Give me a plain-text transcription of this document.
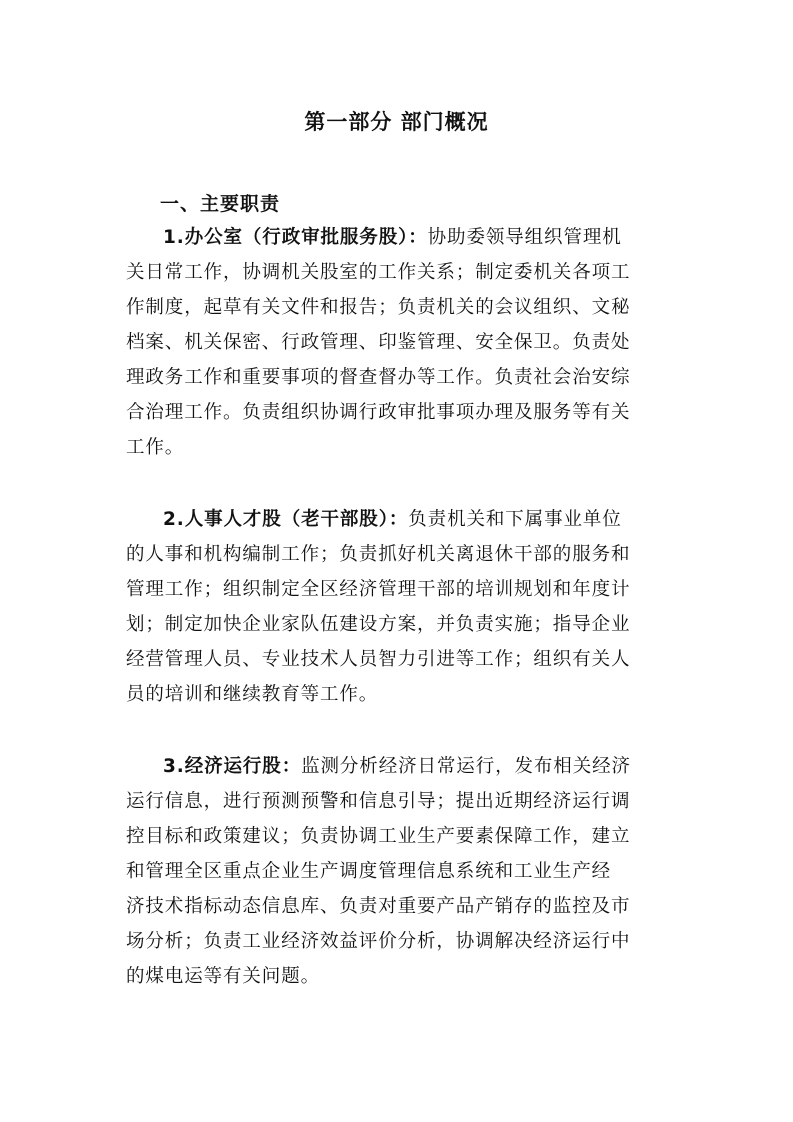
第一部分 部门概况
一、主要职责
1.办公室（行政审批服务股）：协助委领导组织管理机
关日常工作，协调机关股室的工作关系；制定委机关各项工
作制度，起草有关文件和报告；负责机关的会议组织、文秘
档案、机关保密、行政管理、印鉴管理、安全保卫。负责处
理政务工作和重要事项的督查督办等工作。负责社会治安综
合治理工作。负责组织协调行政审批事项办理及服务等有关
工作。
2.人事人才股（老干部股）：负责机关和下属事业单位
的人事和机构编制工作；负责抓好机关离退休干部的服务和
管理工作；组织制定全区经济管理干部的培训规划和年度计
划；制定加快企业家队伍建设方案，并负责实施；指导企业
经营管理人员、专业技术人员智力引进等工作；组织有关人
员的培训和继续教育等工作。
3.经济运行股：监测分析经济日常运行，发布相关经济
运行信息，进行预测预警和信息引导；提出近期经济运行调
控目标和政策建议；负责协调工业生产要素保障工作，建立
和管理全区重点企业生产调度管理信息系统和工业生产经
济技术指标动态信息库、负责对重要产品产销存的监控及市
场分析；负责工业经济效益评价分析，协调解决经济运行中
的煤电运等有关问题。
